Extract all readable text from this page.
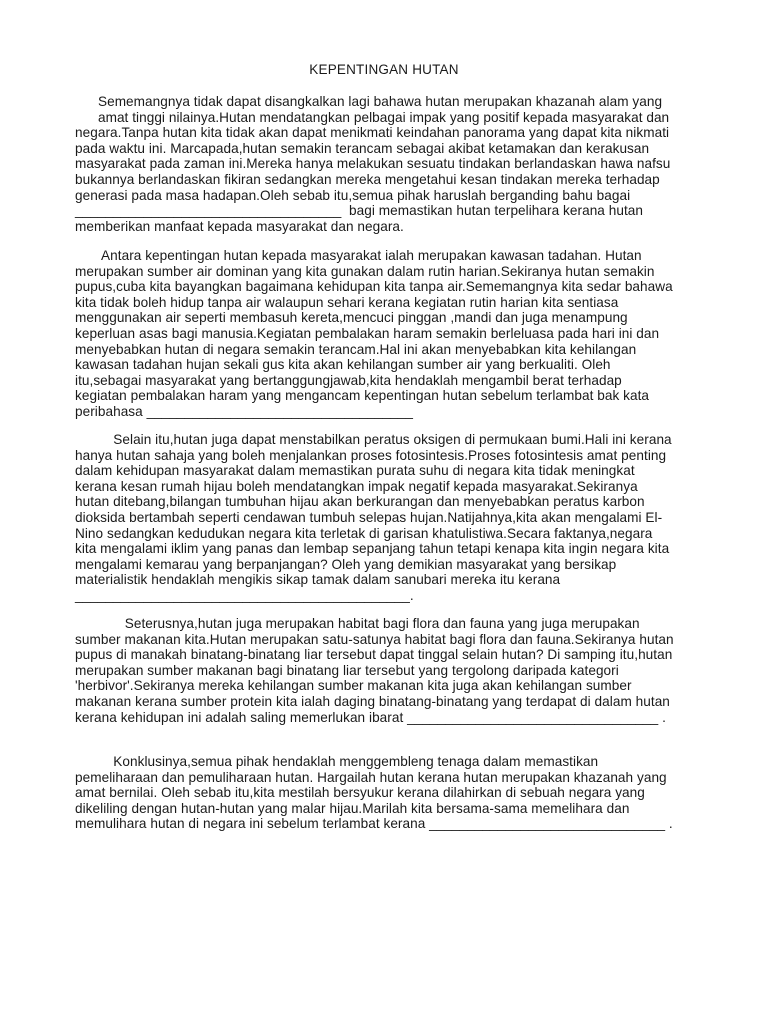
KEPENTINGAN HUTAN

Sememangnya tidak dapat disangkalkan lagi bahawa hutan merupakan khazanah alam yang
amat tinggi nilainya.Hutan mendatangkan pelbagai impak yang positif kepada masyarakat dan
negara.Tanpa hutan kita tidak akan dapat menikmati keindahan panorama yang dapat kita nikmati
pada waktu ini. Marcapada,hutan semakin terancam sebagai akibat ketamakan dan kerakusan
masyarakat pada zaman ini.Mereka hanya melakukan sesuatu tindakan berlandaskan hawa nafsu
bukannya berlandaskan fikiran sedangkan mereka mengetahui kesan tindakan mereka terhadap
generasi pada masa hadapan.Oleh sebab itu,semua pihak haruslah berganding bahu bagai
___________________________________  bagi memastikan hutan terpelihara kerana hutan
memberikan manfaat kepada masyarakat dan negara.

Antara kepentingan hutan kepada masyarakat ialah merupakan kawasan tadahan. Hutan
merupakan sumber air dominan yang kita gunakan dalam rutin harian.Sekiranya hutan semakin
pupus,cuba kita bayangkan bagaimana kehidupan kita tanpa air.Sememangnya kita sedar bahawa
kita tidak boleh hidup tanpa air walaupun sehari kerana kegiatan rutin harian kita sentiasa
menggunakan air seperti membasuh kereta,mencuci pinggan ,mandi dan juga menampung
keperluan asas bagi manusia.Kegiatan pembalakan haram semakin berleluasa pada hari ini dan
menyebabkan hutan di negara semakin terancam.Hal ini akan menyebabkan kita kehilangan
kawasan tadahan hujan sekali gus kita akan kehilangan sumber air yang berkualiti. Oleh
itu,sebagai masyarakat yang bertanggungjawab,kita hendaklah mengambil berat terhadap
kegiatan pembalakan haram yang mengancam kepentingan hutan sebelum terlambat bak kata
peribahasa ___________________________________

Selain itu,hutan juga dapat menstabilkan peratus oksigen di permukaan bumi.Hali ini kerana
hanya hutan sahaja yang boleh menjalankan proses fotosintesis.Proses fotosintesis amat penting
dalam kehidupan masyarakat dalam memastikan purata suhu di negara kita tidak meningkat
kerana kesan rumah hijau boleh mendatangkan impak negatif kepada masyarakat.Sekiranya
hutan ditebang,bilangan tumbuhan hijau akan berkurangan dan menyebabkan peratus karbon
dioksida bertambah seperti cendawan tumbuh selepas hujan.Natijahnya,kita akan mengalami El-
Nino sedangkan kedudukan negara kita terletak di garisan khatulistiwa.Secara faktanya,negara
kita mengalami iklim yang panas dan lembap sepanjang tahun tetapi kenapa kita ingin negara kita
mengalami kemarau yang berpanjangan? Oleh yang demikian masyarakat yang bersikap
materialistik hendaklah mengikis sikap tamak dalam sanubari mereka itu kerana
____________________________________________.

Seterusnya,hutan juga merupakan habitat bagi flora dan fauna yang juga merupakan
sumber makanan kita.Hutan merupakan satu-satunya habitat bagi flora dan fauna.Sekiranya hutan
pupus di manakah binatang-binatang liar tersebut dapat tinggal selain hutan? Di samping itu,hutan
merupakan sumber makanan bagi binatang liar tersebut yang tergolong daripada kategori
'herbivor'.Sekiranya mereka kehilangan sumber makanan kita juga akan kehilangan sumber
makanan kerana sumber protein kita ialah daging binatang-binatang yang terdapat di dalam hutan
kerana kehidupan ini adalah saling memerlukan ibarat _________________________________ .

Konklusinya,semua pihak hendaklah menggembleng tenaga dalam memastikan
pemeliharaan dan pemuliharaan hutan. Hargailah hutan kerana hutan merupakan khazanah yang
amat bernilai. Oleh sebab itu,kita mestilah bersyukur kerana dilahirkan di sebuah negara yang
dikeliling dengan hutan-hutan yang malar hijau.Marilah kita bersama-sama memelihara dan
memulihara hutan di negara ini sebelum terlambat kerana _______________________________ .
